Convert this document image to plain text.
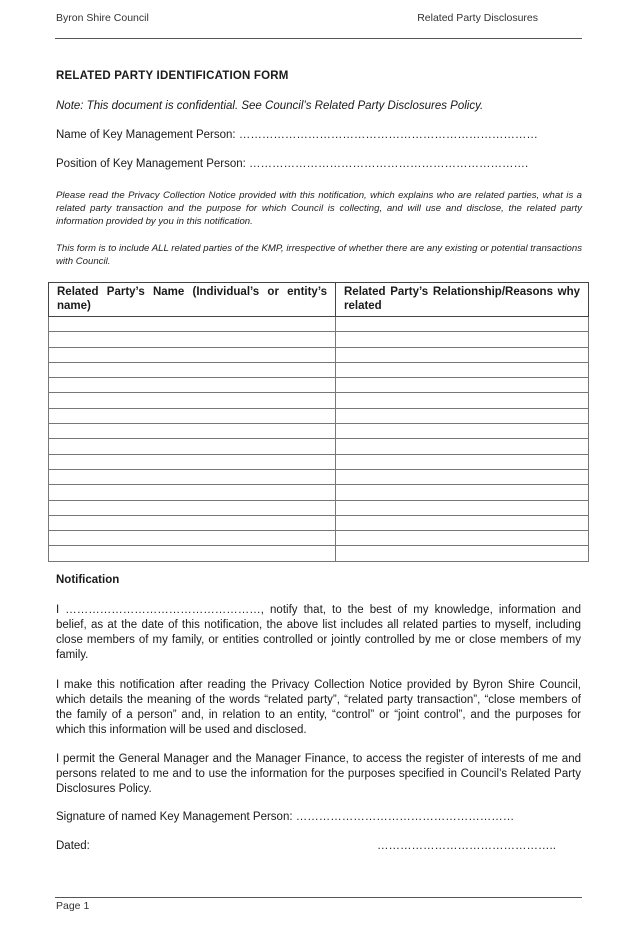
Byron Shire Council	Related Party Disclosures
RELATED PARTY IDENTIFICATION FORM
Note: This document is confidential. See Council’s Related Party Disclosures Policy.
Name of Key Management Person: ……………………………………………………………………
Position of Key Management Person: ……………………………………………………………….
Please read the Privacy Collection Notice provided with this notification, which explains who are related parties, what is a related party transaction and the purpose for which Council is collecting, and will use and disclose, the related party information provided by you in this notification.
This form is to include ALL related parties of the KMP, irrespective of whether there are any existing or potential transactions with Council.
Related Party’s Name (Individual’s or entity’s name)	Related Party’s Relationship/Reasons why related

Notification
I ……………………………………………, notify that, to the best of my knowledge, information and belief, as at the date of this notification, the above list includes all related parties to myself, including close members of my family, or entities controlled or jointly controlled by me or close members of my family.
I make this notification after reading the Privacy Collection Notice provided by Byron Shire Council, which details the meaning of the words “related party”, “related party transaction”, “close members of the family of a person” and, in relation to an entity, “control” or “joint control”, and the purposes for which this information will be used and disclosed.
I permit the General Manager and the Manager Finance, to access the register of interests of me and persons related to me and to use the information for the purposes specified in Council’s Related Party Disclosures Policy.
Signature of named Key Management Person: …………………………………………………
Dated:	………………………………………..
Page 1
